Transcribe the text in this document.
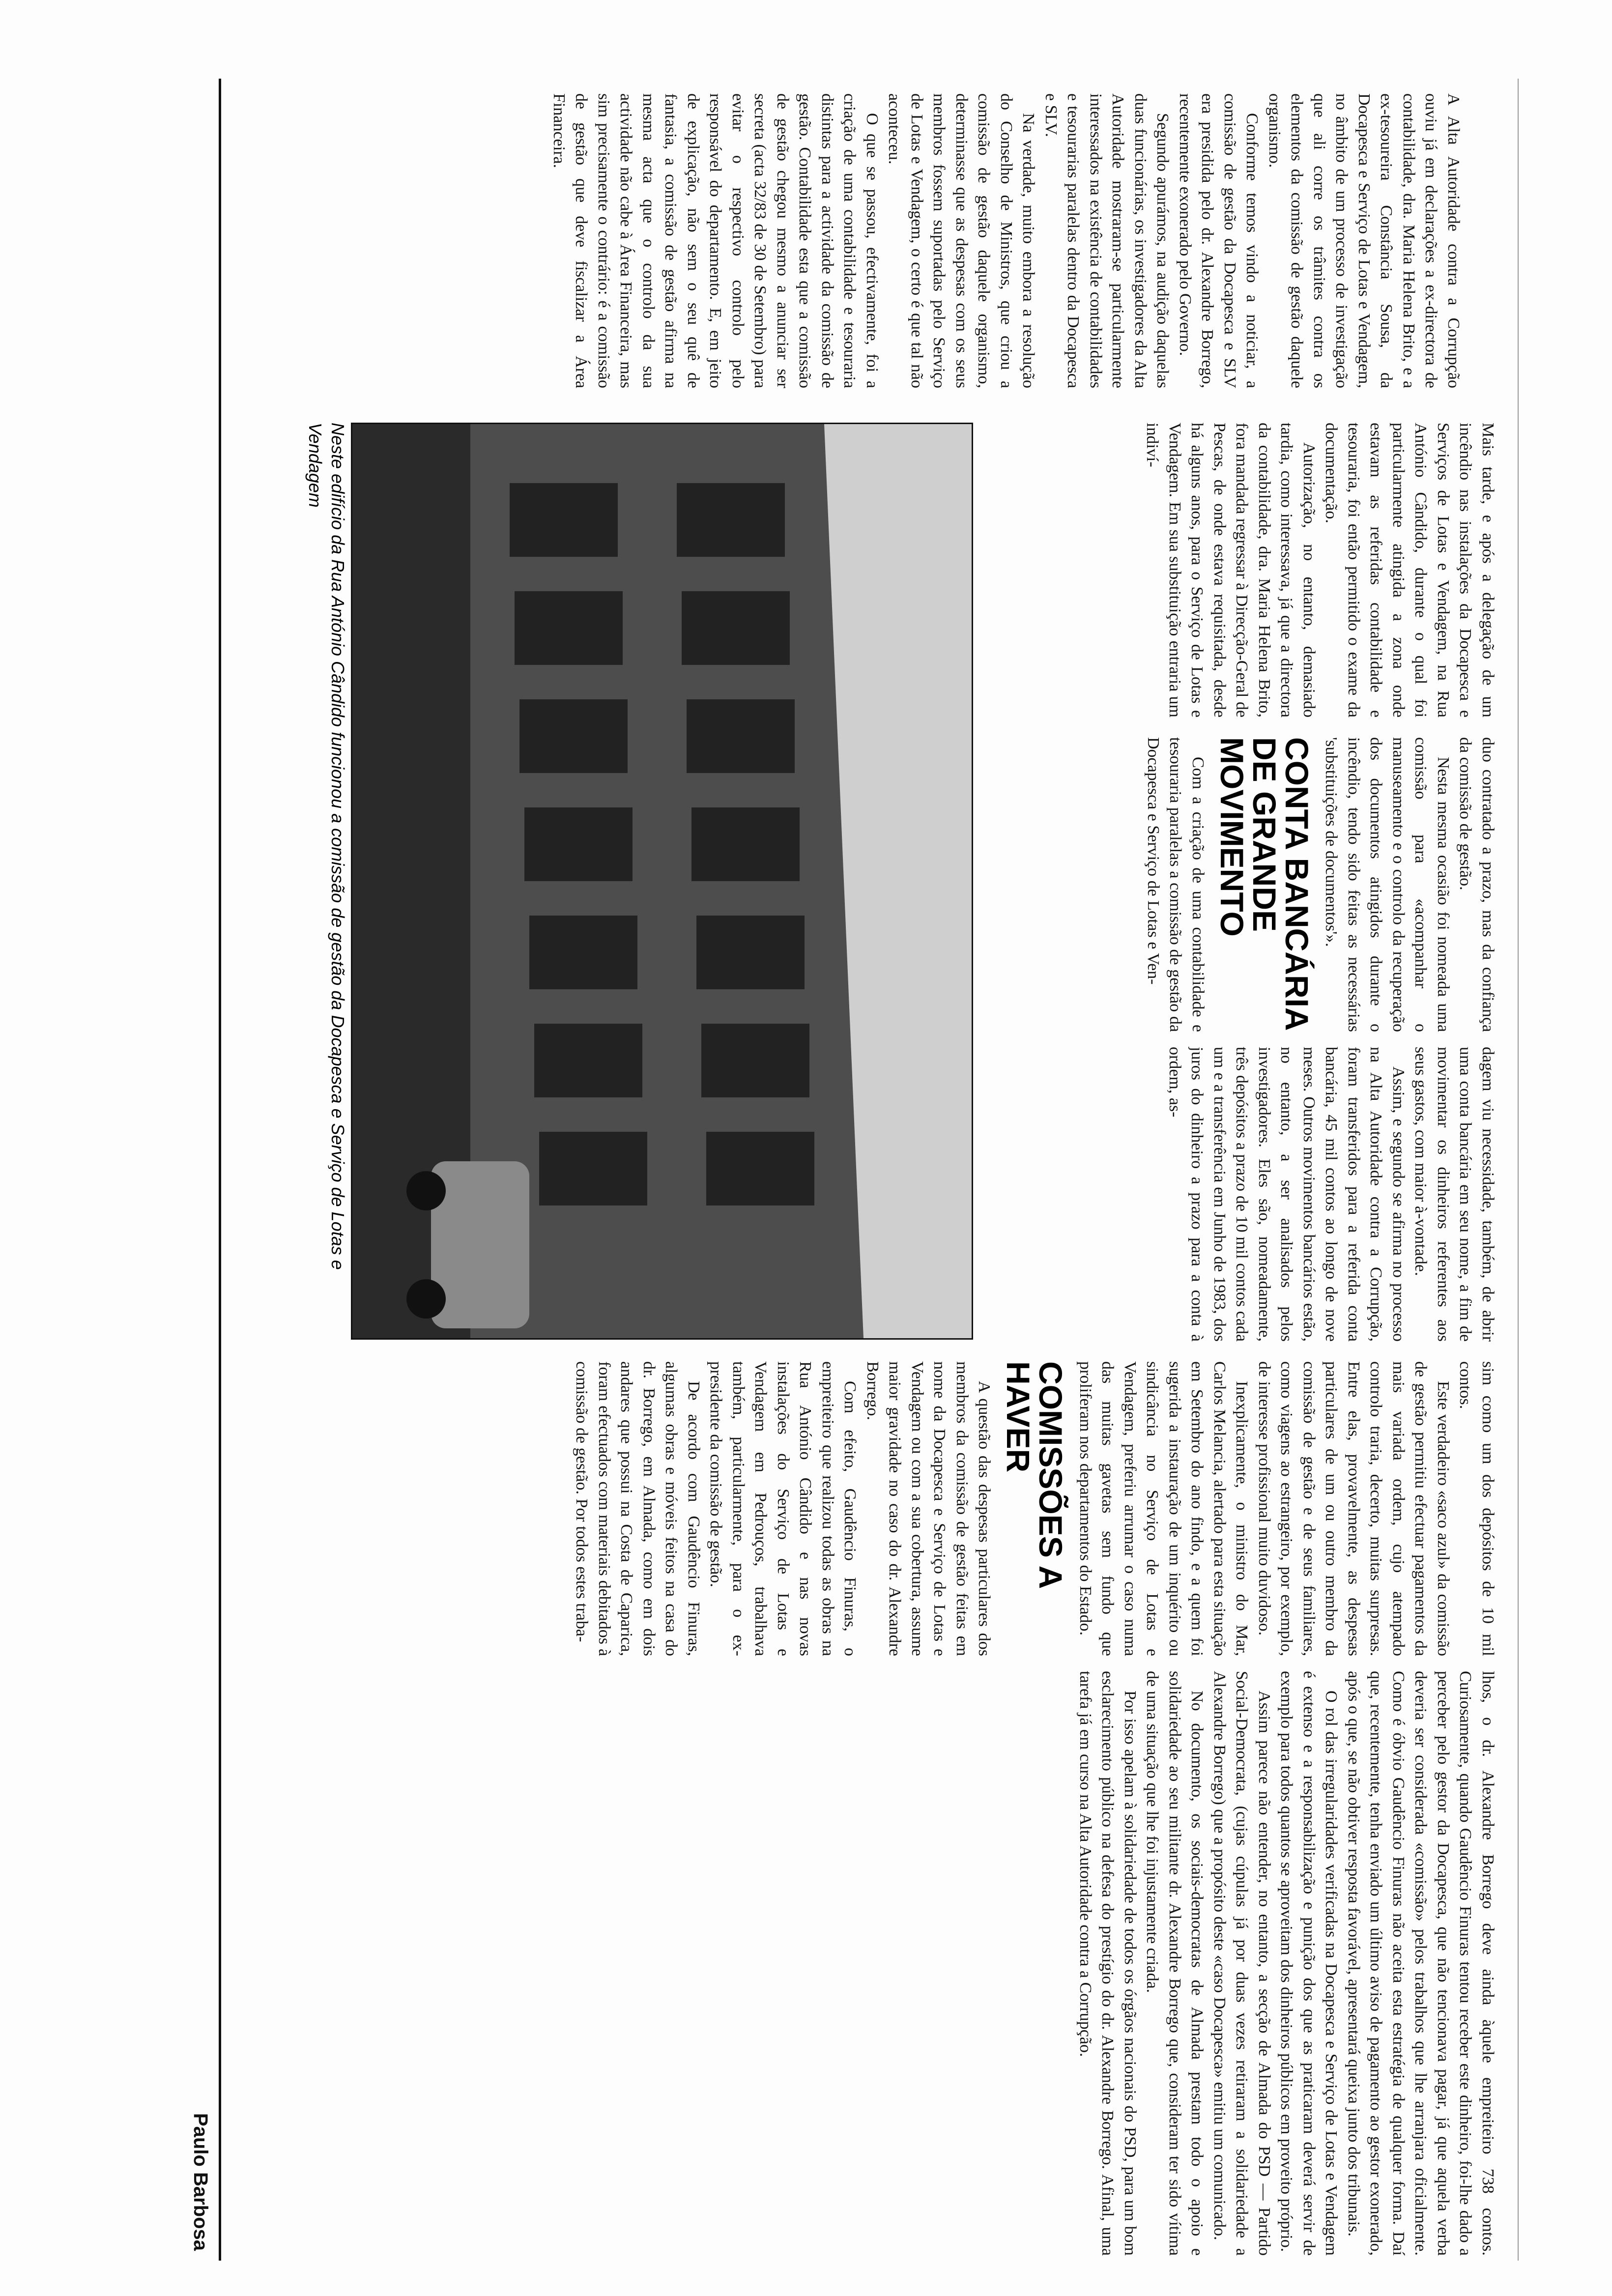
A Alta Autoridade contra a Corrupção ouviu já em declarações a ex-directora de contabilidade, dra. Maria Helena Brito, e a ex-tesoureira Constância Sousa, da Docapesca e Serviço de Lotas e Vendagem, no âmbito de um processo de investigação que ali corre os trâmites contra os elementos da comissão de gestão daquele organismo.

Conforme temos vindo a noticiar, a comissão de gestão da Docapesca e SLV era presidida pelo dr. Alexandre Borrego, recentemente exonerado pelo Governo.

Segundo apurámos, na audição daquelas duas funcionárias, os investigadores da Alta Autoridade mostraram-se particularmente interessados na existência de contabilidades e tesourarias paralelas dentro da Docapesca e SLV.

Na verdade, muito embora a resolução do Conselho de Ministros, que criou a comissão de gestão daquele organismo, determinasse que as despesas com os seus membros fossem suportadas pelo Serviço de Lotas e Vendagem, o certo é que tal não aconteceu.

O que se passou, efectivamente, foi a criação de uma contabilidade e tesouraria distintas para a actividade da comissão de gestão. Contabilidade esta que a comissão de gestão chegou mesmo a anunciar ser secreta (acta 32/83 de 30 de Setembro) para evitar o respectivo controlo pelo responsável do departamento. E, em jeito de explicação, não sem o seu quê de fantasia, a comissão de gestão afirma na mesma acta que o controlo da sua actividade não cabe à Área Financeira, mas sim precisamente o contrário: é a comissão de gestão que deve fiscalizar a Área Financeira.

Mais tarde, e após a delegação de um incêndio nas instalações da Docapesca e Serviços de Lotas e Vendagem, na Rua António Cândido, durante o qual foi particularmente atingida a zona onde estavam as referidas contabilidade e tesouraria, foi então permitido o exame da documentação.

Autorização, no entanto, demasiado tardia, como interessava, já que a directora da contabilidade, dra. Maria Helena Brito, fora mandada regressar à Direcção-Geral de Pescas, de onde estava requisitada, desde há alguns anos, para o Serviço de Lotas e Vendagem. Em sua substituição entraria um indiví-

duo contratado a prazo, mas da confiança da comissão de gestão.

Nesta mesma ocasião foi nomeada uma comissão para «acompanhar o manuseamento e o controlo da recuperação dos documentos atingidos durante o incêndio, tendo sido feitas as necessárias 'substituições de documentos'».

CONTA BANCÁRIA DE GRANDE MOVIMENTO

Com a criação de uma contabilidade e tesouraria paralelas a comissão de gestão da Docapesca e Serviço de Lotas e Ven-

dagem viu necessidade, também, de abrir uma conta bancária em seu nome, a fim de movimentar os dinheiros referentes aos seus gastos, com maior à-vontade.

Assim, e segundo se afirma no processo na Alta Autoridade contra a Corrupção, foram transferidos para a referida conta bancária, 45 mil contos ao longo de nove meses. Outros movimentos bancários estão, no entanto, a ser analisados pelos investigadores. Eles são, nomeadamente, três depósitos a prazo de 10 mil contos cada um e a transferência em Junho de 1983, dos juros do dinheiro a prazo para a conta à ordem, as-

sim como um dos depósitos de 10 mil contos.

Este verdadeiro «saco azul» da comissão de gestão permitiu efectuar pagamentos da mais variada ordem, cujo atempado controlo traria, decerto, muitas surpresas. Entre elas, provavelmente, as despesas particulares de um ou outro membro da comissão de gestão e de seus familiares, como viagens ao estrangeiro, por exemplo, de interesse profissional muito duvidoso.

Inexplicamente, o ministro do Mar, Carlos Melancia, alertado para esta situação em Setembro do ano findo, e a quem foi sugerida a instauração de um inquérito ou sindicância no Serviço de Lotas e Vendagem, preferiu arrumar o caso numa das muitas gavetas sem fundo que proliferam nos departamentos do Estado.

COMISSÕES A HAVER

A questão das despesas particulares dos membros da comissão de gestão feitas em nome da Docapesca e Serviço de Lotas e Vendagem ou com a sua cobertura, assume maior gravidade no caso do dr. Alexandre Borrego.

Com efeito, Gaudêncio Finuras, o empreiteiro que realizou todas as obras na Rua António Cândido e nas novas instalações do Serviço de Lotas e Vendagem em Pedrouços, trabalhava também, particularmente, para o ex-presidente da comissão de gestão.

De acordo com Gaudêncio Finuras, algumas obras e móveis feitos na casa do dr. Borrego, em Almada, como em dois andares que possui na Costa de Caparica, foram efectuados com materiais debitados à comissão de gestão. Por todos estes traba-

lhos, o dr. Alexandre Borrego deve ainda àquele empreiteiro 738 contos. Curiosamente, quando Gaudêncio Finuras tentou receber este dinheiro, foi-lhe dado a perceber pelo gestor da Docapesca, que não tencionava pagar, já que aquela verba deveria ser considerada «comissão» pelos trabalhos que lhe arranjara oficialmente. Como é óbvio Gaudêncio Finuras não aceita esta estratégia de qualquer forma. Daí que, recentemente, tenha enviado um último aviso de pagamento ao gestor exonerado, após o que, se não obtiver resposta favorável, apresentará queixa junto dos tribunais.

O rol das irregularidades verificadas na Docapesca e Serviço de Lotas e Vendagem é extenso e a responsabilização e punição dos que as praticaram deverá servir de exemplo para todos quantos se aproveitam dos dinheiros públicos em proveito próprio.

Assim parece não entender, no entanto, a secção de Almada do PSD — Partido Social-Democrata, (cujas cúpulas já por duas vezes retiraram a solidariedade a Alexandre Borrego) que a propósito deste «caso Docapesca» emitiu um comunicado.

No documento, os sociais-democratas de Almada prestam todo o apoio e solidariedade ao seu militante dr. Alexandre Borrego que, consideram ter sido vítima de uma situação que lhe foi injustamente criada.

Por isso apelam à solidariedade de todos os órgãos nacionais do PSD, para um bom esclarecimento público na defesa do prestígio do dr. Alexandre Borrego. Afinal, uma tarefa já em curso na Alta Autoridade contra a Corrupção.

Neste edifício da Rua António Cândido funcionou a comissão de gestão da Docapesca e Serviço de Lotas e Vendagem
Paulo Barbosa
